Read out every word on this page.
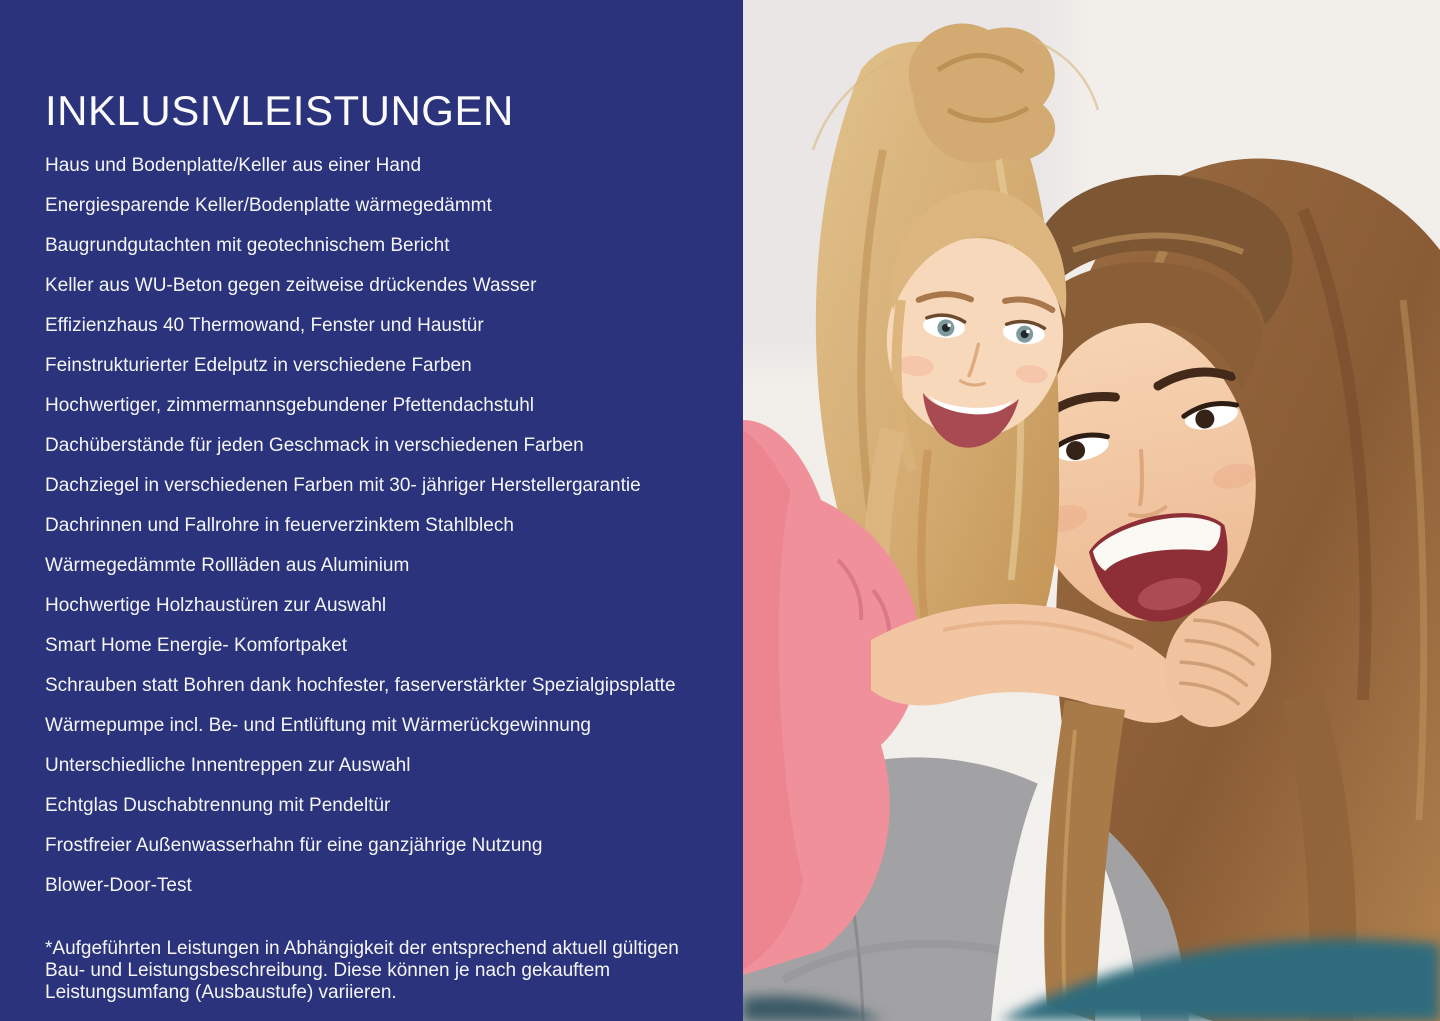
INKLUSIVLEISTUNGEN
Haus und Bodenplatte/Keller aus einer Hand
Energiesparende Keller/Bodenplatte wärmegedämmt
Baugrundgutachten mit geotechnischem Bericht
Keller aus WU-Beton gegen zeitweise drückendes Wasser
Effizienzhaus 40 Thermowand, Fenster und Haustür
Feinstrukturierter Edelputz in verschiedene Farben
Hochwertiger, zimmermannsgebundener Pfettendachstuhl
Dachüberstände für jeden Geschmack in verschiedenen Farben
Dachziegel in verschiedenen Farben mit 30- jähriger Herstellergarantie
Dachrinnen und Fallrohre in feuerverzinktem Stahlblech
Wärmegedämmte Rollläden aus Aluminium
Hochwertige Holzhaustüren zur Auswahl
Smart Home Energie- Komfortpaket
Schrauben statt Bohren dank hochfester, faserverstärkter Spezialgipsplatte
Wärmepumpe incl. Be- und Entlüftung mit Wärmerückgewinnung
Unterschiedliche Innentreppen zur Auswahl
Echtglas Duschabtrennung mit Pendeltür
Frostfreier Außenwasserhahn für eine ganzjährige Nutzung
Blower-Door-Test
*Aufgeführten Leistungen in Abhängigkeit der entsprechend aktuell gültigen Bau- und Leistungsbeschreibung. Diese können je nach gekauftem Leistungsumfang (Ausbaustufe) variieren.
